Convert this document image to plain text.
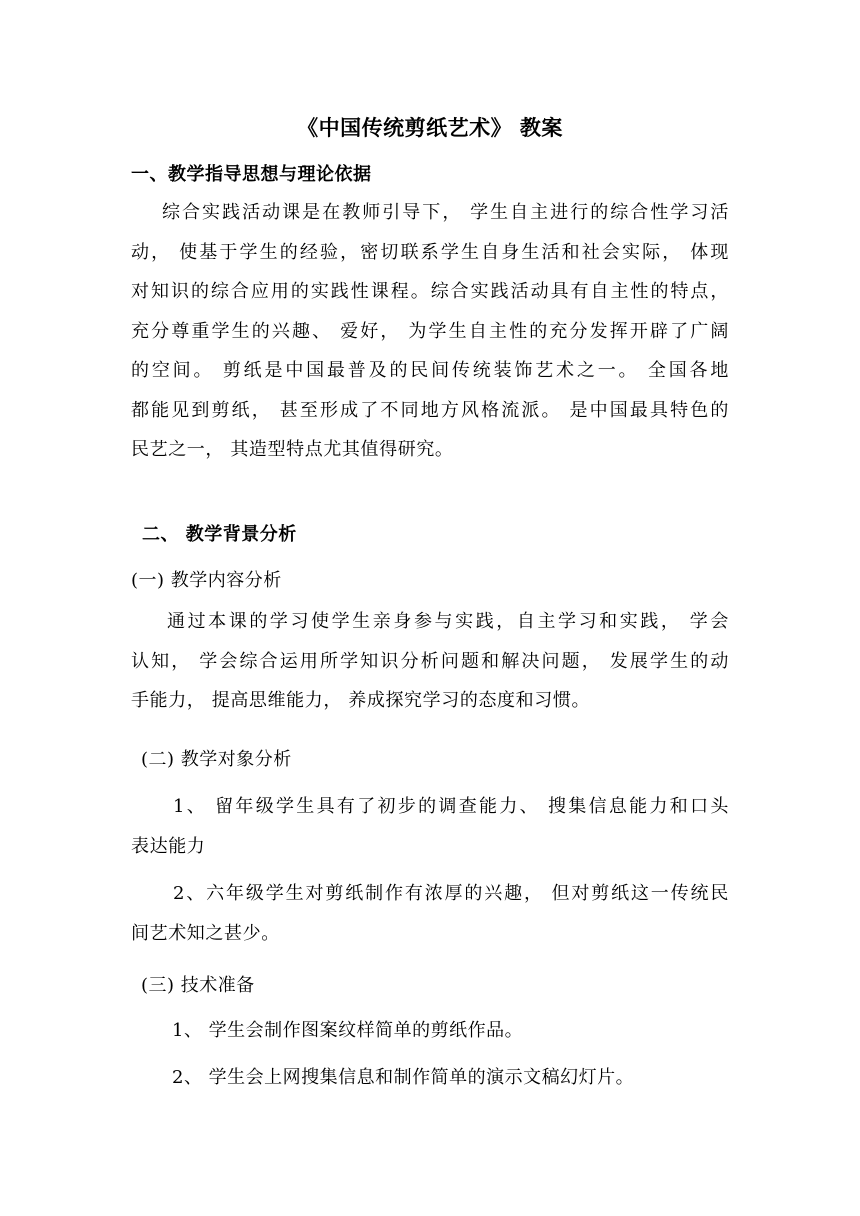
《中国传统剪纸艺术》 教案
一、教学指导思想与理论依据
综合实践活动课是在教师引导下， 学生自主进行的综合性学习活
动， 使基于学生的经验，密切联系学生自身生活和社会实际， 体现
对知识的综合应用的实践性课程。综合实践活动具有自主性的特点，
充分尊重学生的兴趣、 爱好， 为学生自主性的充分发挥开辟了广阔
的空间。 剪纸是中国最普及的民间传统装饰艺术之一。 全国各地
都能见到剪纸， 甚至形成了不同地方风格流派。 是中国最具特色的
民艺之一， 其造型特点尤其值得研究。
二、 教学背景分析
(一) 教学内容分析
通过本课的学习使学生亲身参与实践，自主学习和实践， 学会
认知， 学会综合运用所学知识分析问题和解决问题， 发展学生的动
手能力， 提高思维能力， 养成探究学习的态度和习惯。
(二) 教学对象分析
1、 留年级学生具有了初步的调查能力、 搜集信息能力和口头
表达能力
2、六年级学生对剪纸制作有浓厚的兴趣， 但对剪纸这一传统民
间艺术知之甚少。
(三) 技术准备
1、 学生会制作图案纹样简单的剪纸作品。
2、 学生会上网搜集信息和制作简单的演示文稿幻灯片。
